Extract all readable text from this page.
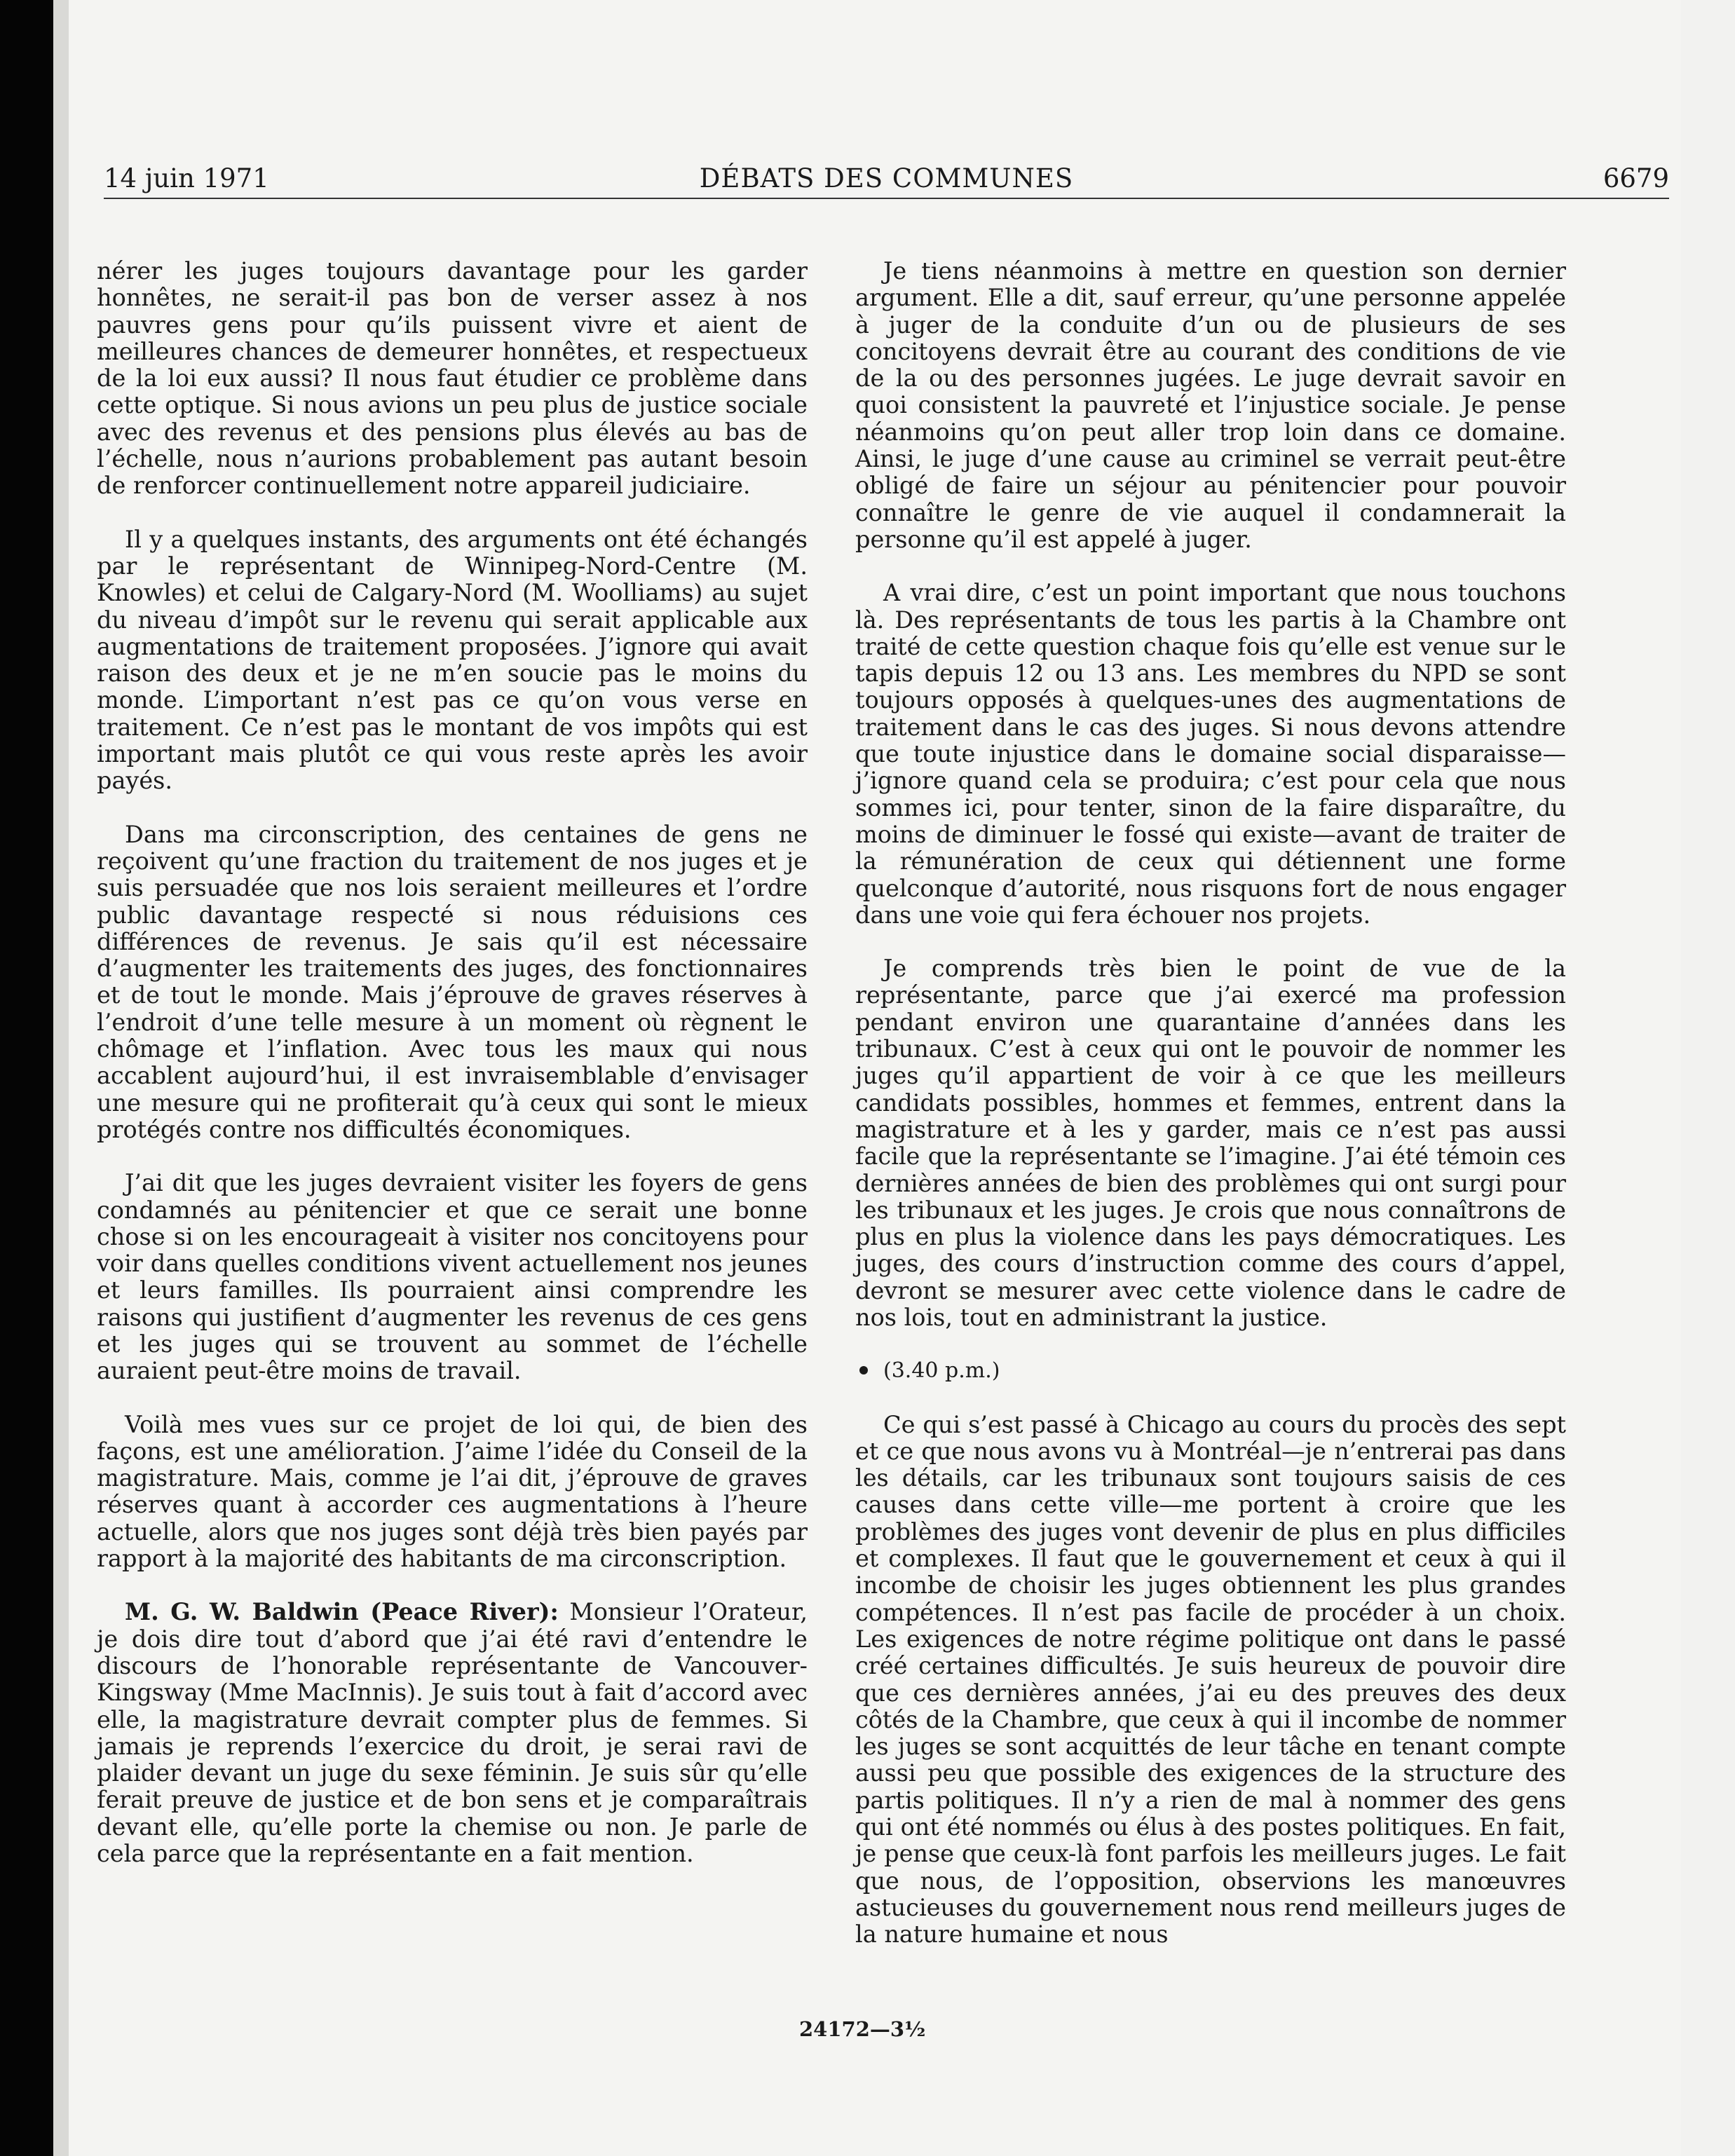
14 juin 1971	DÉBATS DES COMMUNES	6679

nérer les juges toujours davantage pour les garder honnêtes, ne serait-il pas bon de verser assez à nos pauvres gens pour qu’ils puissent vivre et aient de meilleures chances de demeurer honnêtes, et respectueux de la loi eux aussi? Il nous faut étudier ce problème dans cette optique. Si nous avions un peu plus de justice sociale avec des revenus et des pensions plus élevés au bas de l’échelle, nous n’aurions probablement pas autant besoin de renforcer continuellement notre appareil judiciaire.

Il y a quelques instants, des arguments ont été échangés par le représentant de Winnipeg-Nord-Centre (M. Knowles) et celui de Calgary-Nord (M. Woolliams) au sujet du niveau d’impôt sur le revenu qui serait applicable aux augmentations de traitement proposées. J’ignore qui avait raison des deux et je ne m’en soucie pas le moins du monde. L’important n’est pas ce qu’on vous verse en traitement. Ce n’est pas le montant de vos impôts qui est important mais plutôt ce qui vous reste après les avoir payés.

Dans ma circonscription, des centaines de gens ne reçoivent qu’une fraction du traitement de nos juges et je suis persuadée que nos lois seraient meilleures et l’ordre public davantage respecté si nous réduisions ces différences de revenus. Je sais qu’il est nécessaire d’augmenter les traitements des juges, des fonctionnaires et de tout le monde. Mais j’éprouve de graves réserves à l’endroit d’une telle mesure à un moment où règnent le chômage et l’inflation. Avec tous les maux qui nous accablent aujourd’hui, il est invraisemblable d’envisager une mesure qui ne profiterait qu’à ceux qui sont le mieux protégés contre nos difficultés économiques.

J’ai dit que les juges devraient visiter les foyers de gens condamnés au pénitencier et que ce serait une bonne chose si on les encourageait à visiter nos concitoyens pour voir dans quelles conditions vivent actuellement nos jeunes et leurs familles. Ils pourraient ainsi comprendre les raisons qui justifient d’augmenter les revenus de ces gens et les juges qui se trouvent au sommet de l’échelle auraient peut-être moins de travail.

Voilà mes vues sur ce projet de loi qui, de bien des façons, est une amélioration. J’aime l’idée du Conseil de la magistrature. Mais, comme je l’ai dit, j’éprouve de graves réserves quant à accorder ces augmentations à l’heure actuelle, alors que nos juges sont déjà très bien payés par rapport à la majorité des habitants de ma circonscription.

M. G. W. Baldwin (Peace River): Monsieur l’Orateur, je dois dire tout d’abord que j’ai été ravi d’entendre le discours de l’honorable représentante de Vancouver-Kingsway (Mme MacInnis). Je suis tout à fait d’accord avec elle, la magistrature devrait compter plus de femmes. Si jamais je reprends l’exercice du droit, je serai ravi de plaider devant un juge du sexe féminin. Je suis sûr qu’elle ferait preuve de justice et de bon sens et je comparaîtrais devant elle, qu’elle porte la chemise ou non. Je parle de cela parce que la représentante en a fait mention.

Je tiens néanmoins à mettre en question son dernier argument. Elle a dit, sauf erreur, qu’une personne appelée à juger de la conduite d’un ou de plusieurs de ses concitoyens devrait être au courant des conditions de vie de la ou des personnes jugées. Le juge devrait savoir en quoi consistent la pauvreté et l’injustice sociale. Je pense néanmoins qu’on peut aller trop loin dans ce domaine. Ainsi, le juge d’une cause au criminel se verrait peut-être obligé de faire un séjour au pénitencier pour pouvoir connaître le genre de vie auquel il condamnerait la personne qu’il est appelé à juger.

A vrai dire, c’est un point important que nous touchons là. Des représentants de tous les partis à la Chambre ont traité de cette question chaque fois qu’elle est venue sur le tapis depuis 12 ou 13 ans. Les membres du NPD se sont toujours opposés à quelques-unes des augmentations de traitement dans le cas des juges. Si nous devons attendre que toute injustice dans le domaine social disparaisse—j’ignore quand cela se produira; c’est pour cela que nous sommes ici, pour tenter, sinon de la faire disparaître, du moins de diminuer le fossé qui existe—avant de traiter de la rémunération de ceux qui détiennent une forme quelconque d’autorité, nous risquons fort de nous engager dans une voie qui fera échouer nos projets.

Je comprends très bien le point de vue de la représentante, parce que j’ai exercé ma profession pendant environ une quarantaine d’années dans les tribunaux. C’est à ceux qui ont le pouvoir de nommer les juges qu’il appartient de voir à ce que les meilleurs candidats possibles, hommes et femmes, entrent dans la magistrature et à les y garder, mais ce n’est pas aussi facile que la représentante se l’imagine. J’ai été témoin ces dernières années de bien des problèmes qui ont surgi pour les tribunaux et les juges. Je crois que nous connaîtrons de plus en plus la violence dans les pays démocratiques. Les juges, des cours d’instruction comme des cours d’appel, devront se mesurer avec cette violence dans le cadre de nos lois, tout en administrant la justice.

(3.40 p.m.)

Ce qui s’est passé à Chicago au cours du procès des sept et ce que nous avons vu à Montréal—je n’entrerai pas dans les détails, car les tribunaux sont toujours saisis de ces causes dans cette ville—me portent à croire que les problèmes des juges vont devenir de plus en plus difficiles et complexes. Il faut que le gouvernement et ceux à qui il incombe de choisir les juges obtiennent les plus grandes compétences. Il n’est pas facile de procéder à un choix. Les exigences de notre régime politique ont dans le passé créé certaines difficultés. Je suis heureux de pouvoir dire que ces dernières années, j’ai eu des preuves des deux côtés de la Chambre, que ceux à qui il incombe de nommer les juges se sont acquittés de leur tâche en tenant compte aussi peu que possible des exigences de la structure des partis politiques. Il n’y a rien de mal à nommer des gens qui ont été nommés ou élus à des postes politiques. En fait, je pense que ceux-là font parfois les meilleurs juges. Le fait que nous, de l’opposition, observions les manœuvres astucieuses du gouvernement nous rend meilleurs juges de la nature humaine et nous

24172—3½
